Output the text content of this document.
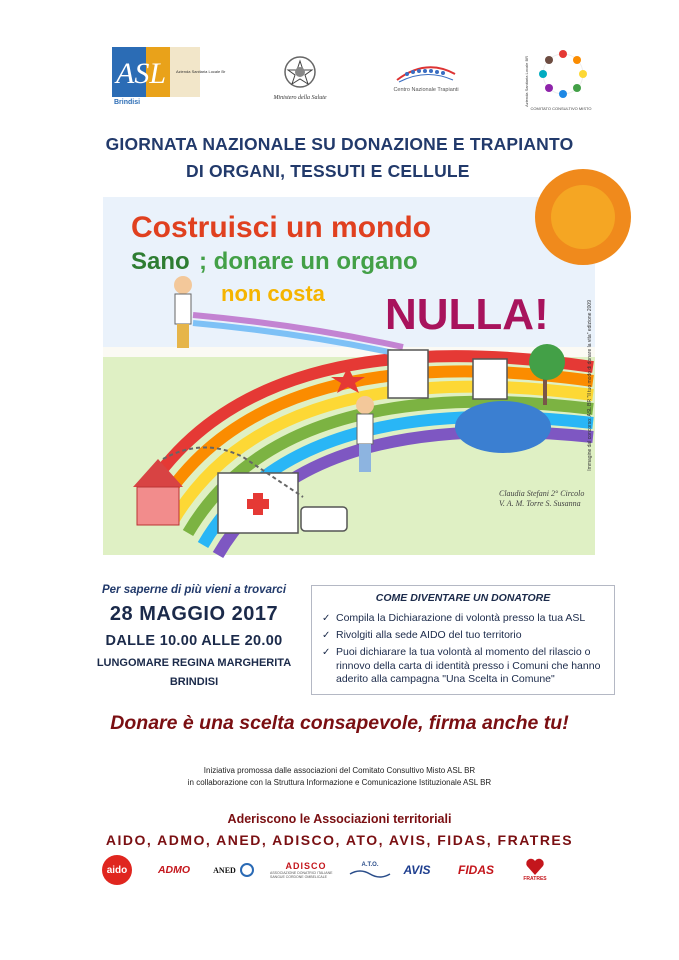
ASL Azienda Sanitaria Locale Br
Brindisi
Ministero della Salute
Centro Nazionale Trapianti	Azienda Sanitaria Locale BR
COMITATO CONSULTIVO MISTO
GIORNATA NAZIONALE SU DONAZIONE E TRAPIANTO
DI ORGANI, TESSUTI E CELLULE
Costruisci un mondo
Sano ; donare un organo
non costa NULLA!
Claudia Stefani 2° Circolo V. A. M. Torre S. Susanna
Immagine dal concorso: ASL BR "Il tuo modo di donare la vita" edizione 2009
Per saperne di più vieni a trovarci
28 MAGGIO 2017
DALLE 10.00 ALLE 20.00
LUNGOMARE REGINA MARGHERITA
BRINDISI
COME DIVENTARE UN DONATORE
✓ Compila la Dichiarazione di volontà presso la tua ASL
✓ Rivolgiti alla sede AIDO del tuo territorio
✓ Puoi dichiarare la tua volontà al momento del rilascio o rinnovo della carta di identità presso i Comuni che hanno aderito alla campagna "Una Scelta in Comune"
Donare è una scelta consapevole, firma anche tu!
Iniziativa promossa dalle associazioni del Comitato Consultivo Misto ASL BR
in collaborazione con la Struttura Informazione e Comunicazione Istituzionale ASL BR
Aderiscono le Associazioni territoriali
AIDO, ADMO, ANED, ADISCO, ATO, AVIS, FIDAS, FRATRES
aido	ADMO	ANED	ADISCO
ASSOCIAZIONE DONATRICI ITALIANE SANGUE CORDONE OMBELICALE
A.T.O. AVIS FIDAS
FRATRES
